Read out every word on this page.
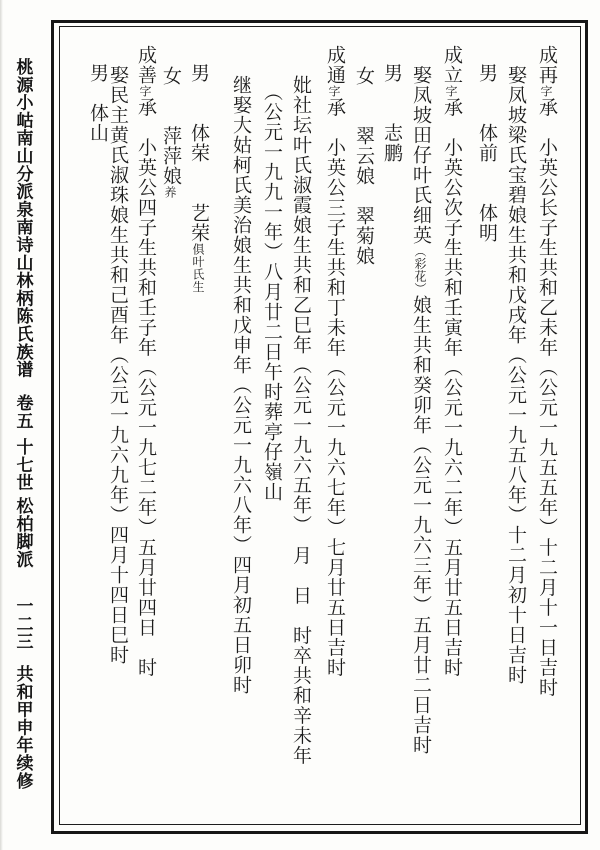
桃源小岵南山分派泉南诗山林柄陈氏族谱
卷五
十七世
松柏脚派
一二三
共和甲申年续修
成再字承　小英公长子生共和乙未年（公元一九五五年）十二月十一日吉时
娶凤坡梁氏宝碧娘生共和戊戌年（公元一九五八年）十二月初十日吉时
男　　体前　　体明
成立字承　小英公次子生共和壬寅年（公元一九六二年）五月廿五日吉时
娶凤坡田仔叶氏细英（彩花）娘生共和癸卯年（公元一九六三年）五月廿二日吉时
男　　志鹏
女　　翠云娘　翠菊娘
成通字承　小英公三子生共和丁未年（公元一九六七年）七月廿五日吉时
妣社坛叶氏淑霞娘生共和乙巳年（公元一九六五年）　月　日　时卒共和辛未年
（公元一九九一年）八月廿二日午时葬亭仔嶺山
继娶大姑柯氏美治娘生共和戊申年（公元一九六八年）四月初五日卯时
男　　体荣　　艺荣俱叶氏生
女　　萍萍娘养
成善字承　小英公四子生共和壬子年（公元一九七二年）五月廿四日　时
娶民主黄氏淑珠娘生共和己酉年（公元一九六九年）四月十四日巳时
男　体山
